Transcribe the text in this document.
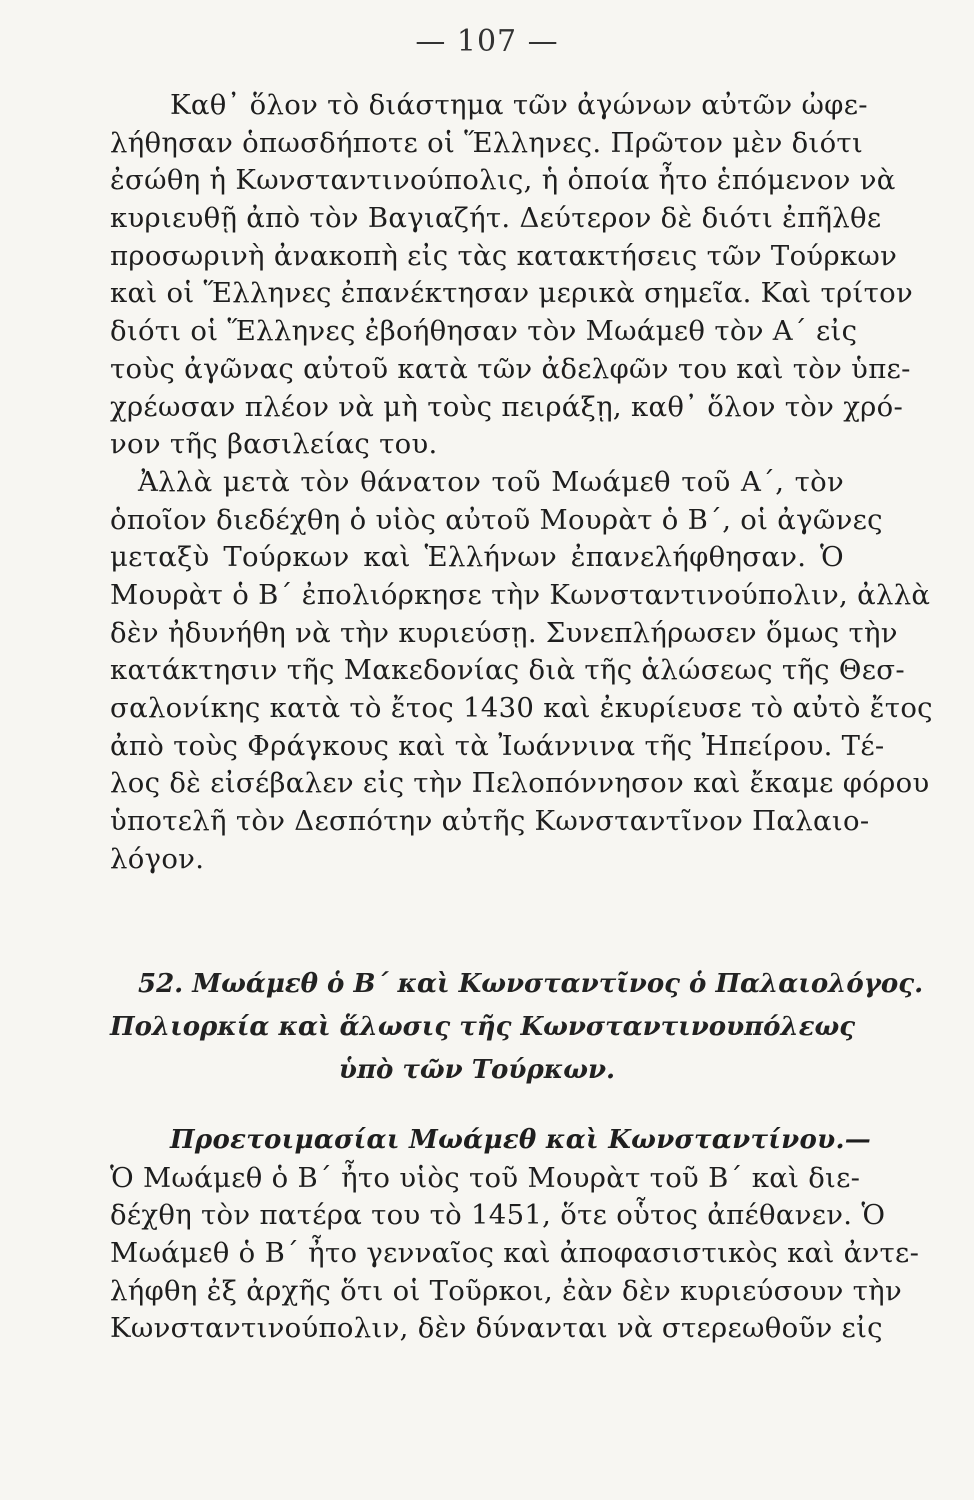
— 107 —
Καθ᾽ ὅλον τὸ διάστημα τῶν ἀγώνων αὐτῶν ὠφε-
λήθησαν ὁπωσδήποτε οἱ Ἕλληνες. Πρῶτον μὲν διότι
ἐσώθη ἡ Κωνσταντινούπολις, ἡ ὁποία ἦτο ἑπόμενον νὰ
κυριευθῇ ἀπὸ τὸν Βαγιαζήτ. Δεύτερον δὲ διότι ἐπῆλθε
προσωρινὴ ἀνακοπὴ εἰς τὰς κατακτήσεις τῶν Τούρκων
καὶ οἱ Ἕλληνες ἐπανέκτησαν μερικὰ σημεῖα. Καὶ τρίτον
διότι οἱ Ἕλληνες ἐβοήθησαν τὸν Μωάμεθ τὸν Α΄ εἰς
τοὺς ἀγῶνας αὐτοῦ κατὰ τῶν ἀδελφῶν του καὶ τὸν ὑπε-
χρέωσαν πλέον νὰ μὴ τοὺς πειράξῃ, καθ᾽ ὅλον τὸν χρό-
νον τῆς βασιλείας του.
Ἀλλὰ μετὰ τὸν θάνατον τοῦ Μωάμεθ τοῦ Α΄, τὸν
ὁποῖον διεδέχθη ὁ υἱὸς αὐτοῦ Μουρὰτ ὁ Β΄, οἱ ἀγῶνες
μεταξὺ Τούρκων καὶ Ἑλλήνων ἐπανελήφθησαν. Ὁ
Μουρὰτ ὁ Β΄ ἐπολιόρκησε τὴν Κωνσταντινούπολιν, ἀλλὰ
δὲν ἠδυνήθη νὰ τὴν κυριεύσῃ. Συνεπλήρωσεν ὅμως τὴν
κατάκτησιν τῆς Μακεδονίας διὰ τῆς ἁλώσεως τῆς Θεσ-
σαλονίκης κατὰ τὸ ἔτος 1430 καὶ ἐκυρίευσε τὸ αὐτὸ ἔτος
ἀπὸ τοὺς Φράγκους καὶ τὰ Ἰωάννινα τῆς Ἠπείρου. Τέ-
λος δὲ εἰσέβαλεν εἰς τὴν Πελοπόννησον καὶ ἔκαμε φόρου
ὑποτελῆ τὸν Δεσπότην αὐτῆς Κωνσταντῖνον Παλαιο-
λόγον.
52. Μωάμεθ ὁ Β΄ καὶ Κωνσταντῖνος ὁ Παλαιολόγος.
Πολιορκία καὶ ἅλωσις τῆς Κωνσταντινουπόλεως
ὑπὸ τῶν Τούρκων.
Προετοιμασίαι Μωάμεθ καὶ Κωνσταντίνου.—
Ὁ Μωάμεθ ὁ Β΄ ἦτο υἱὸς τοῦ Μουρὰτ τοῦ Β΄ καὶ διε-
δέχθη τὸν πατέρα του τὸ 1451, ὅτε οὗτος ἀπέθανεν. Ὁ
Μωάμεθ ὁ Β΄ ἦτο γενναῖος καὶ ἀποφασιστικὸς καὶ ἀντε-
λήφθη ἐξ ἀρχῆς ὅτι οἱ Τοῦρκοι, ἐὰν δὲν κυριεύσουν τὴν
Κωνσταντινούπολιν, δὲν δύνανται νὰ στερεωθοῦν εἰς
